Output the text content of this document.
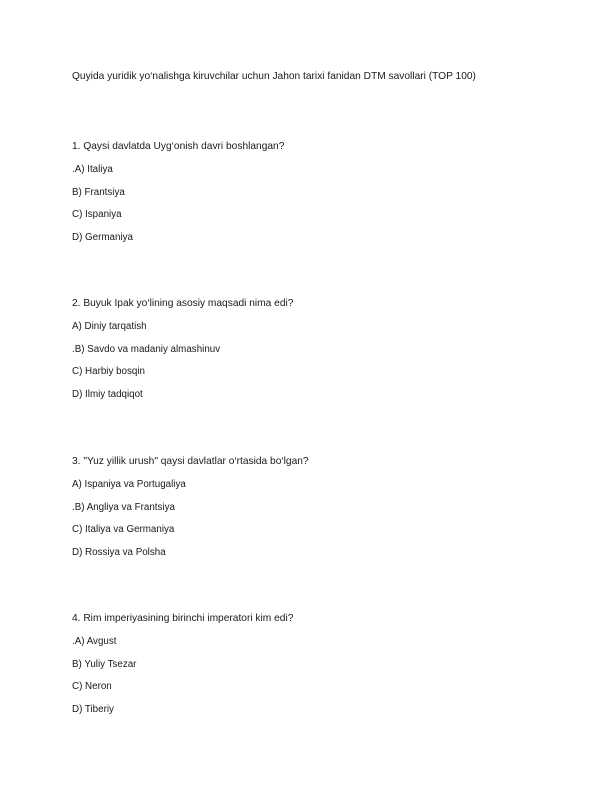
Quyida yuridik yo‘nalishga kiruvchilar uchun Jahon tarixi fanidan DTM savollari (TOP 100)
1. Qaysi davlatda Uyg‘onish davri boshlangan?
.A) Italiya
B) Frantsiya
C) Ispaniya
D) Germaniya
2. Buyuk Ipak yo‘lining asosiy maqsadi nima edi?
A) Diniy tarqatish
.B) Savdo va madaniy almashinuv
C) Harbiy bosqin
D) Ilmiy tadqiqot
3. "Yuz yillik urush" qaysi davlatlar o‘rtasida bo‘lgan?
A) Ispaniya va Portugaliya
.B) Angliya va Frantsiya
C) Italiya va Germaniya
D) Rossiya va Polsha
4. Rim imperiyasining birinchi imperatori kim edi?
.A) Avgust
B) Yuliy Tsezar
C) Neron
D) Tiberiy
